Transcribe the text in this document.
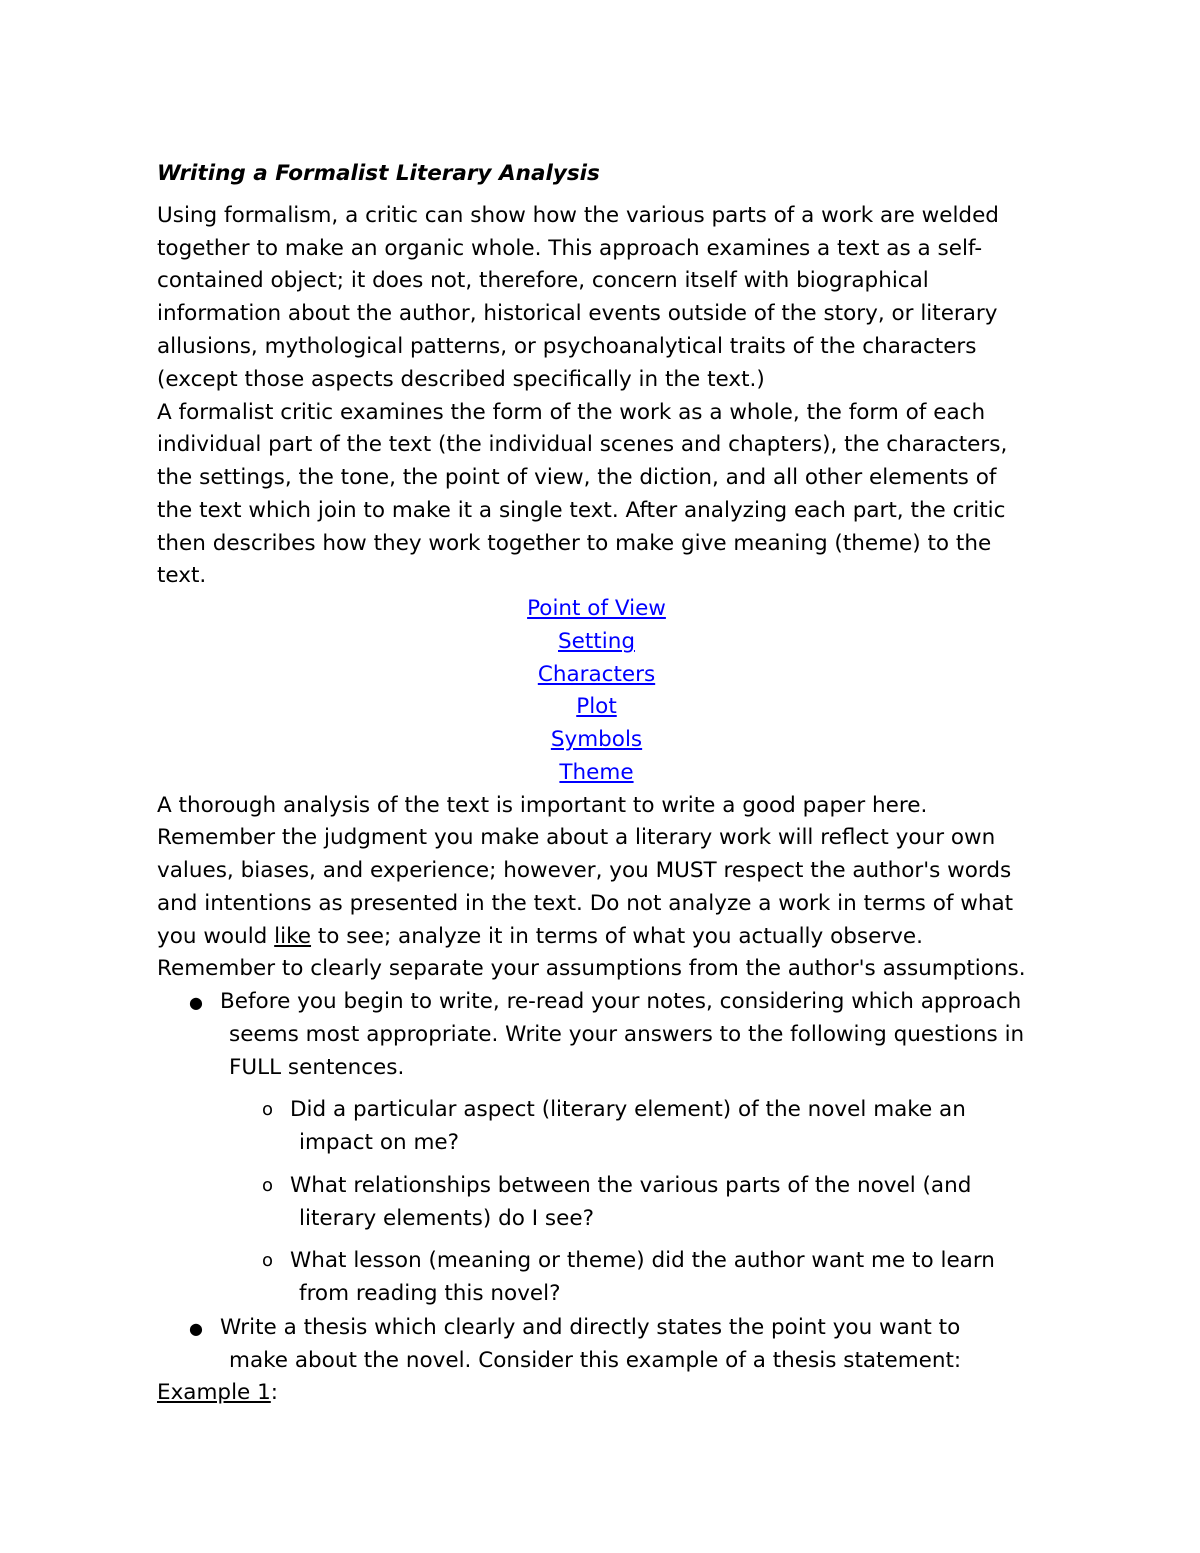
Writing a Formalist Literary Analysis
Using formalism, a critic can show how the various parts of a work are welded
together to make an organic whole. This approach examines a text as a self-
contained object; it does not, therefore, concern itself with biographical
information about the author, historical events outside of the story, or literary
allusions, mythological patterns, or psychoanalytical traits of the characters
(except those aspects described specifically in the text.)
A formalist critic examines the form of the work as a whole, the form of each
individual part of the text (the individual scenes and chapters), the characters,
the settings, the tone, the point of view, the diction, and all other elements of
the text which join to make it a single text. After analyzing each part, the critic
then describes how they work together to make give meaning (theme) to the
text.
Point of View
Setting
Characters
Plot
Symbols
Theme
A thorough analysis of the text is important to write a good paper here.
Remember the judgment you make about a literary work will reflect your own
values, biases, and experience; however, you MUST respect the author's words
and intentions as presented in the text. Do not analyze a work in terms of what
you would like to see; analyze it in terms of what you actually observe.
Remember to clearly separate your assumptions from the author's assumptions.
● Before you begin to write, re-read your notes, considering which approach
seems most appropriate. Write your answers to the following questions in
FULL sentences.
o Did a particular aspect (literary element) of the novel make an
impact on me?
o What relationships between the various parts of the novel (and
literary elements) do I see?
o What lesson (meaning or theme) did the author want me to learn
from reading this novel?
● Write a thesis which clearly and directly states the point you want to
make about the novel. Consider this example of a thesis statement:
Example 1:
